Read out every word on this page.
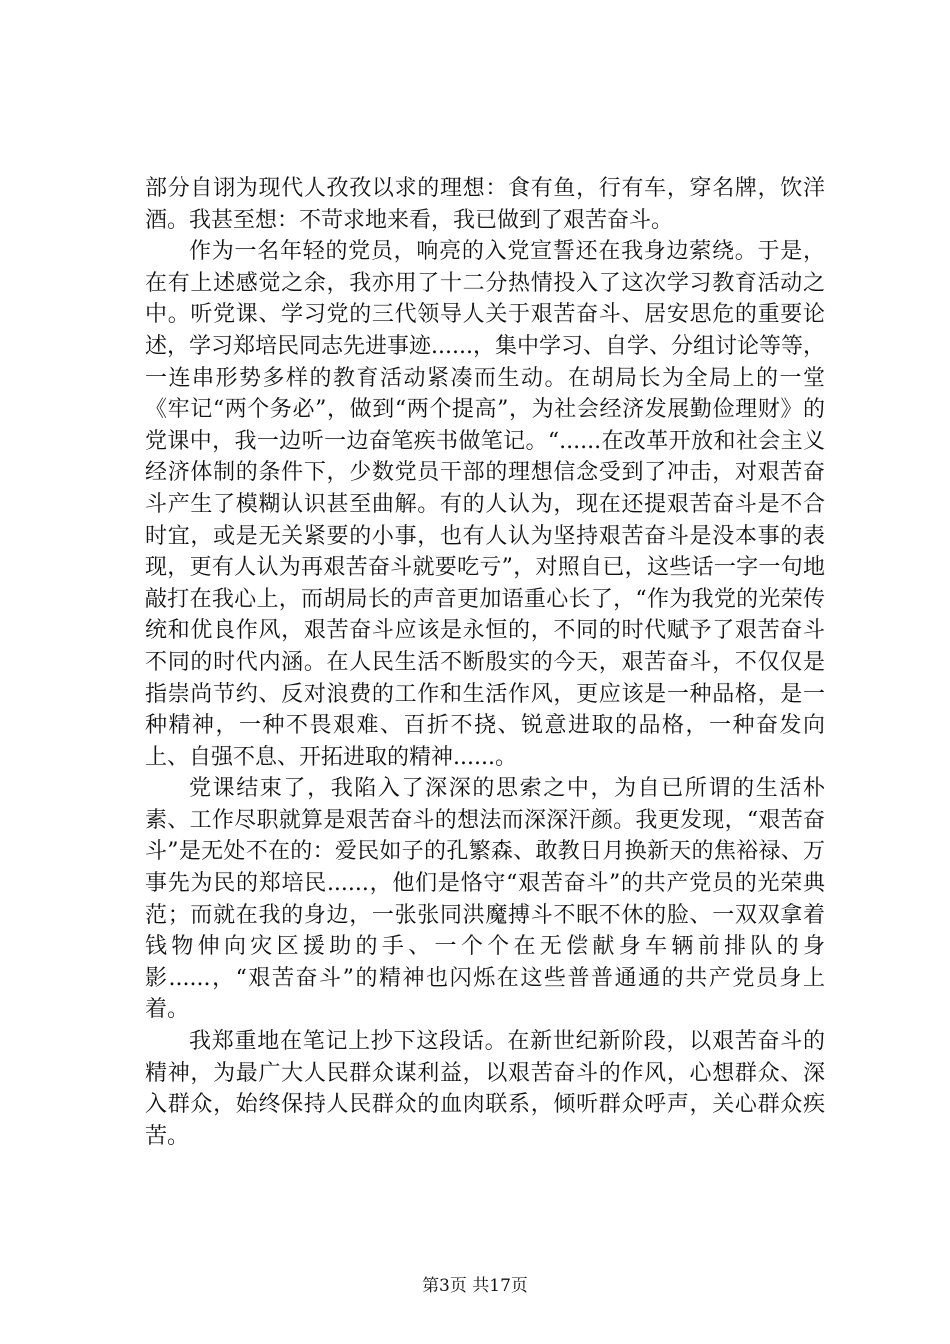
部分自诩为现代人孜孜以求的理想：食有鱼，行有车，穿名牌，饮洋酒。我甚至想：不苛求地来看，我已做到了艰苦奋斗。

作为一名年轻的党员，响亮的入党宣誓还在我身边萦绕。于是，在有上述感觉之余，我亦用了十二分热情投入了这次学习教育活动之中。听党课、学习党的三代领导人关于艰苦奋斗、居安思危的重要论述，学习郑培民同志先进事迹......，集中学习、自学、分组讨论等等，一连串形势多样的教育活动紧凑而生动。在胡局长为全局上的一堂《牢记“两个务必”，做到“两个提高”，为社会经济发展勤俭理财》的党课中，我一边听一边奋笔疾书做笔记。“......在改革开放和社会主义经济体制的条件下，少数党员干部的理想信念受到了冲击，对艰苦奋斗产生了模糊认识甚至曲解。有的人认为，现在还提艰苦奋斗是不合时宜，或是无关紧要的小事，也有人认为坚持艰苦奋斗是没本事的表现，更有人认为再艰苦奋斗就要吃亏”，对照自已，这些话一字一句地敲打在我心上，而胡局长的声音更加语重心长了，“作为我党的光荣传统和优良作风，艰苦奋斗应该是永恒的，不同的时代赋予了艰苦奋斗不同的时代内涵。在人民生活不断殷实的今天，艰苦奋斗，不仅仅是指崇尚节约、反对浪费的工作和生活作风，更应该是一种品格，是一种精神，一种不畏艰难、百折不挠、锐意进取的品格，一种奋发向上、自强不息、开拓进取的精神......。

党课结束了，我陷入了深深的思索之中，为自已所谓的生活朴素、工作尽职就算是艰苦奋斗的想法而深深汗颜。我更发现，“艰苦奋斗”是无处不在的：爱民如子的孔繁森、敢教日月换新天的焦裕禄、万事先为民的郑培民......，他们是恪守“艰苦奋斗”的共产党员的光荣典范；而就在我的身边，一张张同洪魔搏斗不眠不休的脸、一双双拿着钱物伸向灾区援助的手、一个个在无偿献身车辆前排队的身影......，“艰苦奋斗”的精神也闪烁在这些普普通通的共产党员身上着。

我郑重地在笔记上抄下这段话。在新世纪新阶段，以艰苦奋斗的精神，为最广大人民群众谋利益，以艰苦奋斗的作风，心想群众、深入群众，始终保持人民群众的血肉联系，倾听群众呼声，关心群众疾苦。

第3页 共17页
